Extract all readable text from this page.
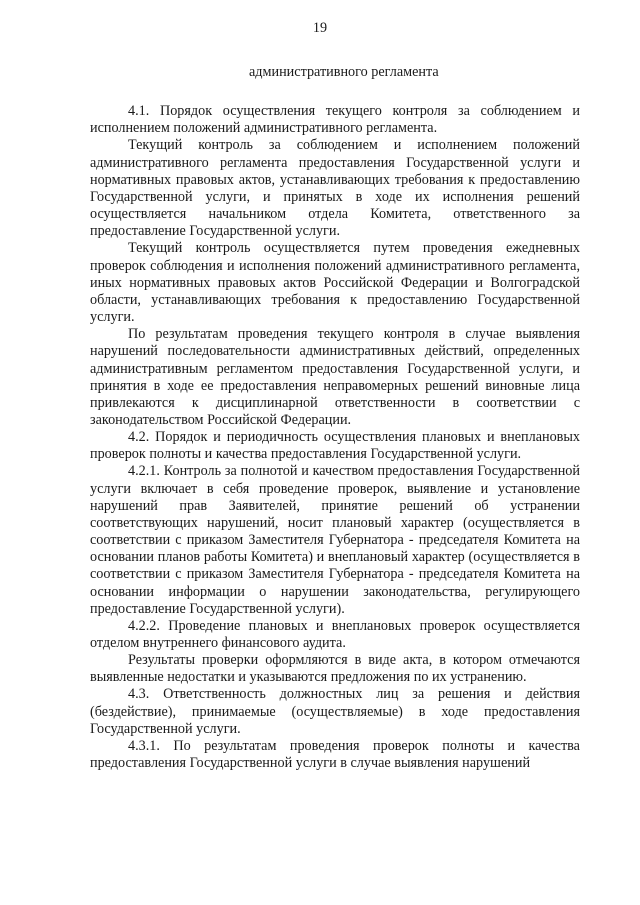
19

административного регламента

4.1. Порядок осуществления текущего контроля за соблюдением и исполнением положений административного регламента.

Текущий контроль за соблюдением и исполнением положений административного регламента предоставления Государственной услуги и нормативных правовых актов, устанавливающих требования к предоставлению Государственной услуги, и принятых в ходе их исполнения решений осуществляется начальником отдела Комитета, ответственного за предоставление Государственной услуги.

Текущий контроль осуществляется путем проведения ежедневных проверок соблюдения и исполнения положений административного регламента, иных нормативных правовых актов Российской Федерации и Волгоградской области, устанавливающих требования к предоставлению Государственной услуги.

По результатам проведения текущего контроля в случае выявления нарушений последовательности административных действий, определенных административным регламентом предоставления Государственной услуги, и принятия в ходе ее предоставления неправомерных решений виновные лица привлекаются к дисциплинарной ответственности в соответствии с законодательством Российской Федерации.

4.2. Порядок и периодичность осуществления плановых и внеплановых проверок полноты и качества предоставления Государственной услуги.

4.2.1. Контроль за полнотой и качеством предоставления Государственной услуги включает в себя проведение проверок, выявление и установление нарушений прав Заявителей, принятие решений об устранении соответствующих нарушений, носит плановый характер (осуществляется в соответствии с приказом Заместителя Губернатора - председателя Комитета на основании планов работы Комитета) и внеплановый характер (осуществляется в соответствии с приказом Заместителя Губернатора - председателя Комитета на основании информации о нарушении законодательства, регулирующего предоставление Государственной услуги).

4.2.2. Проведение плановых и внеплановых проверок осуществляется отделом внутреннего финансового аудита.

Результаты проверки оформляются в виде акта, в котором отмечаются выявленные недостатки и указываются предложения по их устранению.

4.3. Ответственность должностных лиц за решения и действия (бездействие), принимаемые (осуществляемые) в ходе предоставления Государственной услуги.

4.3.1. По результатам проведения проверок полноты и качества предоставления Государственной услуги в случае выявления нарушений
